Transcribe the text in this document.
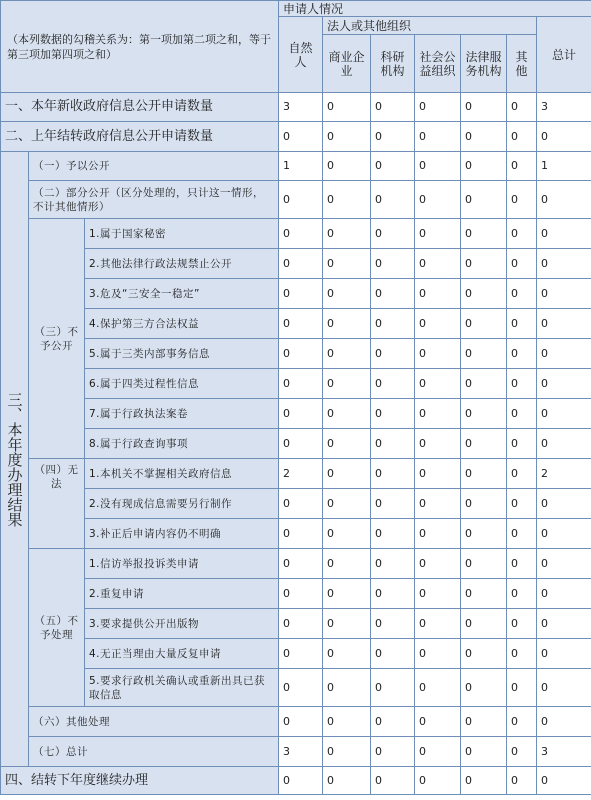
（本列数据的勾稽关系为：第一项加第二项之和，等于第三项加第四项之和）			申请人情况						
			自然人	法人或其他组织					总计
				商业企业	科研机构	社会公益组织	法律服务机构	其他	
一、本年新收政府信息公开申请数量			3	0	0	0	0	0	3
二、上年结转政府信息公开申请数量			0	0	0	0	0	0	0
三、本年度办理结果	（一）予以公开		1	0	0	0	0	0	1
	（二）部分公开（区分处理的，只计这一情形，不计其他情形）		0	0	0	0	0	0	0
	（三）不予公开	1.属于国家秘密	0	0	0	0	0	0	0
		2.其他法律行政法规禁止公开	0	0	0	0	0	0	0
		3.危及“三安全一稳定”	0	0	0	0	0	0	0
		4.保护第三方合法权益	0	0	0	0	0	0	0
		5.属于三类内部事务信息	0	0	0	0	0	0	0
		6.属于四类过程性信息	0	0	0	0	0	0	0
		7.属于行政执法案卷	0	0	0	0	0	0	0
		8.属于行政查询事项	0	0	0	0	0	0	0
	（四）无法	1.本机关不掌握相关政府信息	2	0	0	0	0	0	2
		2.没有现成信息需要另行制作	0	0	0	0	0	0	0
		3.补正后申请内容仍不明确	0	0	0	0	0	0	0
	（五）不予处理	1.信访举报投诉类申请	0	0	0	0	0	0	0
		2.重复申请	0	0	0	0	0	0	0
		3.要求提供公开出版物	0	0	0	0	0	0	0
		4.无正当理由大量反复申请	0	0	0	0	0	0	0
		5.要求行政机关确认或重新出具已获取信息	0	0	0	0	0	0	0
	（六）其他处理		0	0	0	0	0	0	0
	（七）总计		3	0	0	0	0	0	3
四、结转下年度继续办理			0	0	0	0	0	0	0
